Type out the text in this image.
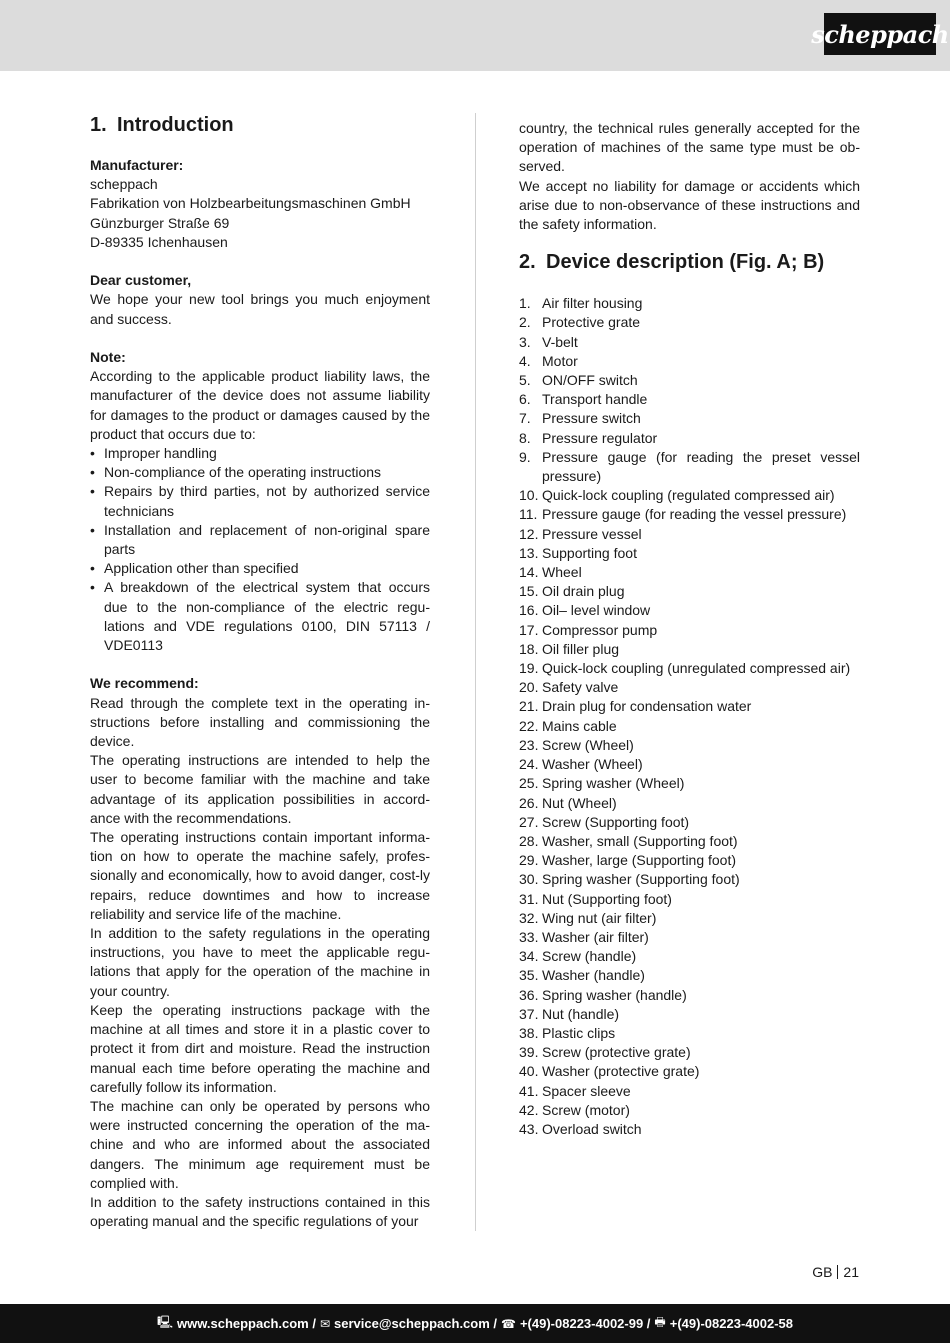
scheppach
1. Introduction

Manufacturer:

scheppach

Fabrikation von Holzbearbeitungsmaschinen GmbH

Günzburger Straße 69

D-89335 Ichenhausen

Dear customer,

We hope your new tool brings you much enjoyment and success.

Note:

According to the applicable product liability laws, the manufacturer of the device does not assume liability for damages to the product or damages caused by the product that occurs due to:

• Improper handling
• Non-compliance of the operating instructions
• Repairs by third parties, not by authorized service technicians
• Installation and replacement of non-original spare parts
• Application other than specified
• A breakdown of the electrical system that occurs due to the non-compliance of the electric regu-lations and VDE regulations 0100, DIN 57113 / VDE0113

We recommend:

Read through the complete text in the operating in-structions before installing and commissioning the device.

The operating instructions are intended to help the user to become familiar with the machine and take advantage of its application possibilities in accord-ance with the recommendations.

The operating instructions contain important informa-tion on how to operate the machine safely, profes-sionally and economically, how to avoid danger, cost-ly repairs, reduce downtimes and how to increase reliability and service life of the machine.

In addition to the safety regulations in the operating instructions, you have to meet the applicable regu-lations that apply for the operation of the machine in your country.

Keep the operating instructions package with the machine at all times and store it in a plastic cover to protect it from dirt and moisture. Read the instruction manual each time before operating the machine and carefully follow its information.

The machine can only be operated by persons who were instructed concerning the operation of the ma-chine and who are informed about the associated dangers. The minimum age requirement must be complied with.

In addition to the safety instructions contained in this operating manual and the specific regulations of your

country, the technical rules generally accepted for the operation of machines of the same type must be ob-served.

We accept no liability for damage or accidents which arise due to non-observance of these instructions and the safety information.

2. Device description (Fig. A; B)
1. Air filter housing
2. Protective grate
3. V-belt
4. Motor
5. ON/OFF switch
6. Transport handle
7. Pressure switch
8. Pressure regulator
9. Pressure gauge (for reading the preset vessel pressure)
10. Quick-lock coupling (regulated compressed air)
11. Pressure gauge (for reading the vessel pressure)
12. Pressure vessel
13. Supporting foot
14. Wheel
15. Oil drain plug
16. Oil– level window
17. Compressor pump
18. Oil filler plug
19. Quick-lock coupling (unregulated compressed air)
20. Safety valve
21. Drain plug for condensation water
22. Mains cable
23. Screw (Wheel)
24. Washer (Wheel)
25. Spring washer (Wheel)
26. Nut (Wheel)
27. Screw (Supporting foot)
28. Washer, small (Supporting foot)
29. Washer, large (Supporting foot)
30. Spring washer (Supporting foot)
31. Nut (Supporting foot)
32. Wing nut (air filter)
33. Washer (air filter)
34. Screw (handle)
35. Washer (handle)
36. Spring washer (handle)
37. Nut (handle)
38. Plastic clips
39. Screw (protective grate)
40. Washer (protective grate)
41. Spacer sleeve
42. Screw (motor)
43. Overload switch
GB 21
🖳 www.scheppach.com / ✉ service@scheppach.com / ☎ +(49)-08223-4002-99 / 🖶 +(49)-08223-4002-58
